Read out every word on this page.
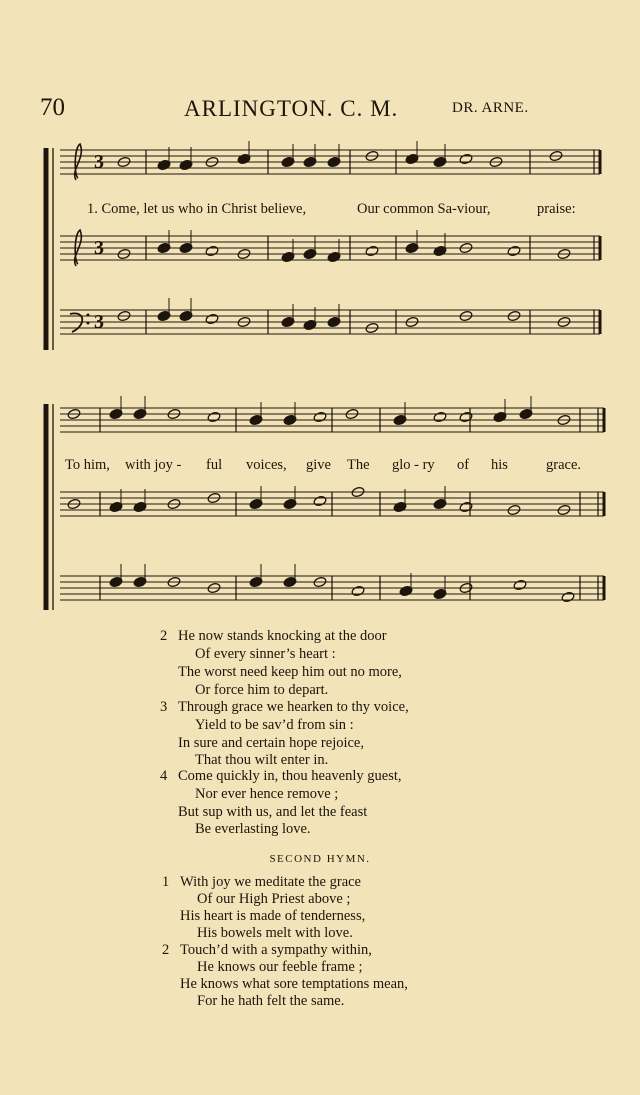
70	ARLINGTON. C. M.	DR. ARNE.
3
3
3
1. Come, let us who in Christ believe,	Our common Sa-viour,	praise:
To him, with joy - ful voices, give The glo - ry of his	grace.
2 He now stands knocking at the door
Of every sinner’s heart :
The worst need keep him out no more,
Or force him to depart.
3 Through grace we hearken to thy voice,
Yield to be sav’d from sin :
In sure and certain hope rejoice,
That thou wilt enter in.
4 Come quickly in, thou heavenly guest,
Nor ever hence remove ;
But sup with us, and let the feast
Be everlasting love.
SECOND HYMN.
1 With joy we meditate the grace
Of our High Priest above ;
His heart is made of tenderness,
His bowels melt with love.
2 Touch’d with a sympathy within,
He knows our feeble frame ;
He knows what sore temptations mean,
For he hath felt the same.
